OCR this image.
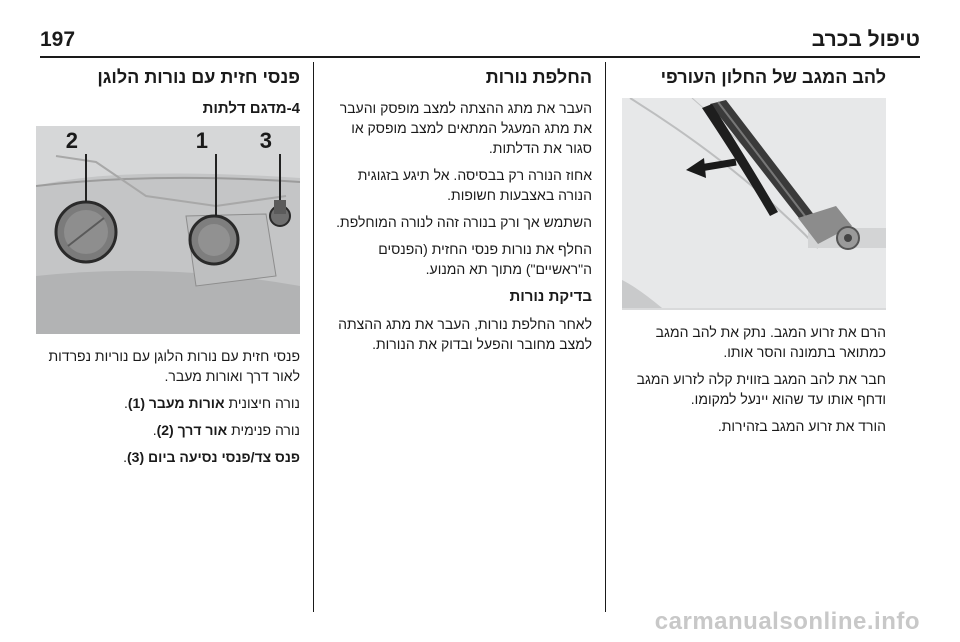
197	טיפול בכרב
להב המגב של החלון העורפי

הרם את זרוע המגב. נתק את להב המגב כמתואר בתמונה והסר אותו.

חבר את להב המגב בזווית קלה לזרוע המגב ודחף אותו עד שהוא יינעל למקומו.

הורד את זרוע המגב בזהירות.

החלפת נורות

העבר את מתג ההצתה למצב מופסק והעבר את מתג המעגל המתאים למצב מופסק או סגור את הדלתות.

אחוז הנורה רק בבסיסה. אל תיגע בזגוגית הנורה באצבעות חשופות.

השתמש אך ורק בנורה זהה לנורה המוחלפת.

החלף את נורות פנסי החזית (הפנסים ה"ראשיים") מתוך תא המנוע.

בדיקת נורות

לאחר החלפת נורות, העבר את מתג ההצתה למצב מחובר והפעל ובדוק את הנורות.

פנסי חזית עם נורות הלוגן
4-מדגם דלתות
2	1 3

פנסי חזית עם נורות הלוגן עם נוריות נפרדות לאור דרך ואורות מעבר.

נורה חיצונית אורות מעבר (1).

נורה פנימית אור דרך (2).

פנס צד/פנסי נסיעה ביום (3).

carmanualsonline.info
